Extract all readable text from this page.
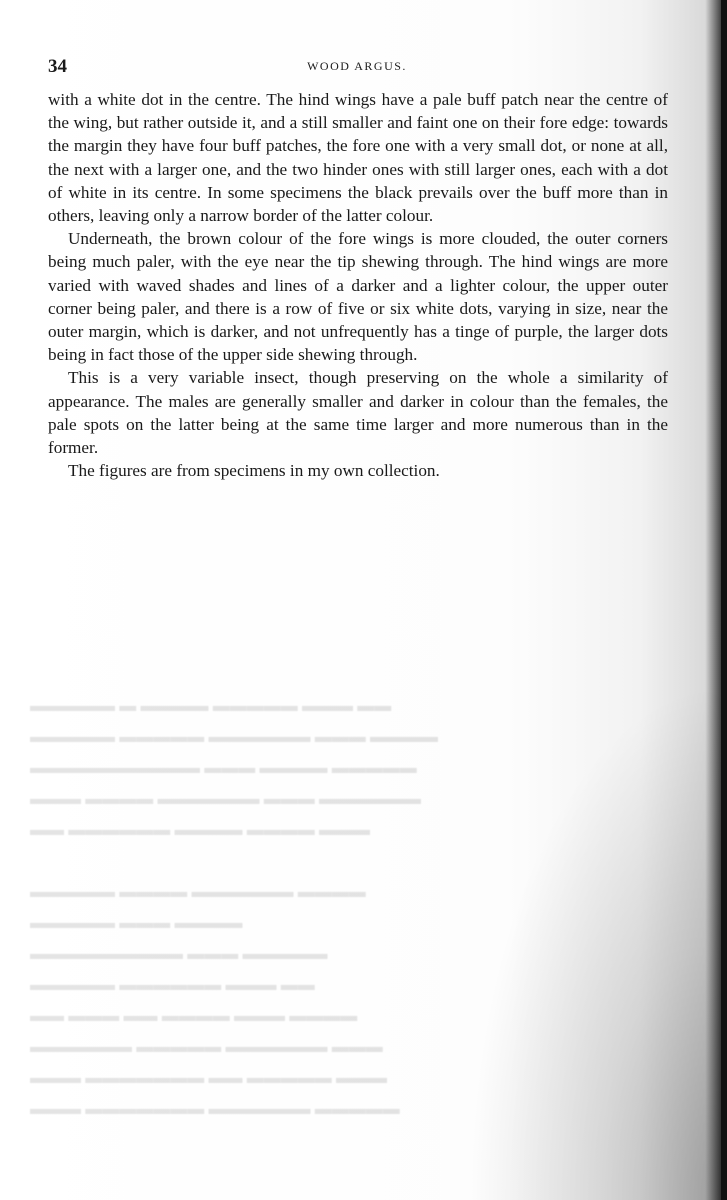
▬▬ ▬▬▬ ▬▬▬▬▬ ▬▬▬▬ ▬ ▬▬▬▬▬
▬▬▬▬ ▬▬▬ ▬▬▬▬▬▬ ▬▬▬▬▬ ▬▬▬▬▬
▬▬▬▬▬ ▬▬▬▬ ▬▬▬ ▬▬▬▬▬▬▬▬▬▬
▬▬▬▬▬▬ ▬▬▬ ▬▬▬▬▬▬ ▬▬▬▬ ▬▬▬
▬▬▬ ▬▬▬▬ ▬▬▬▬ ▬▬▬▬▬▬ ▬▬

▬▬▬▬ ▬▬▬▬▬▬ ▬▬▬▬ ▬▬▬▬▬
▬▬▬▬ ▬▬▬ ▬▬▬▬▬
▬▬▬▬▬ ▬▬▬ ▬▬▬▬▬▬▬▬▬
▬▬ ▬▬▬ ▬▬▬▬▬▬ ▬▬▬▬▬
▬▬▬▬ ▬▬▬ ▬▬▬▬ ▬▬ ▬▬▬ ▬▬
▬▬▬ ▬▬▬▬▬▬ ▬▬▬▬▬ ▬▬▬▬▬▬
▬▬▬ ▬▬▬▬▬ ▬▬ ▬▬▬▬▬▬▬ ▬▬▬
▬▬▬▬▬ ▬▬▬▬▬▬ ▬▬▬▬▬▬▬ ▬▬▬
34	WOOD ARGUS.

with a white dot in the centre. The hind wings have a pale buff patch near the centre of the wing, but rather outside it, and a still smaller and faint one on their fore edge: towards the margin they have four buff patches, the fore one with a very small dot, or none at all, the next with a larger one, and the two hinder ones with still larger ones, each with a dot of white in its centre. In some specimens the black prevails over the buff more than in others, leaving only a narrow border of the latter colour.

Underneath, the brown colour of the fore wings is more clouded, the outer corners being much paler, with the eye near the tip shewing through. The hind wings are more varied with waved shades and lines of a darker and a lighter colour, the upper outer corner being paler, and there is a row of five or six white dots, varying in size, near the outer margin, which is darker, and not unfrequently has a tinge of purple, the larger dots being in fact those of the upper side shewing through.

This is a very variable insect, though preserving on the whole a similarity of appearance. The males are generally smaller and darker in colour than the females, the pale spots on the latter being at the same time larger and more numerous than in the former.

The figures are from specimens in my own collection.
